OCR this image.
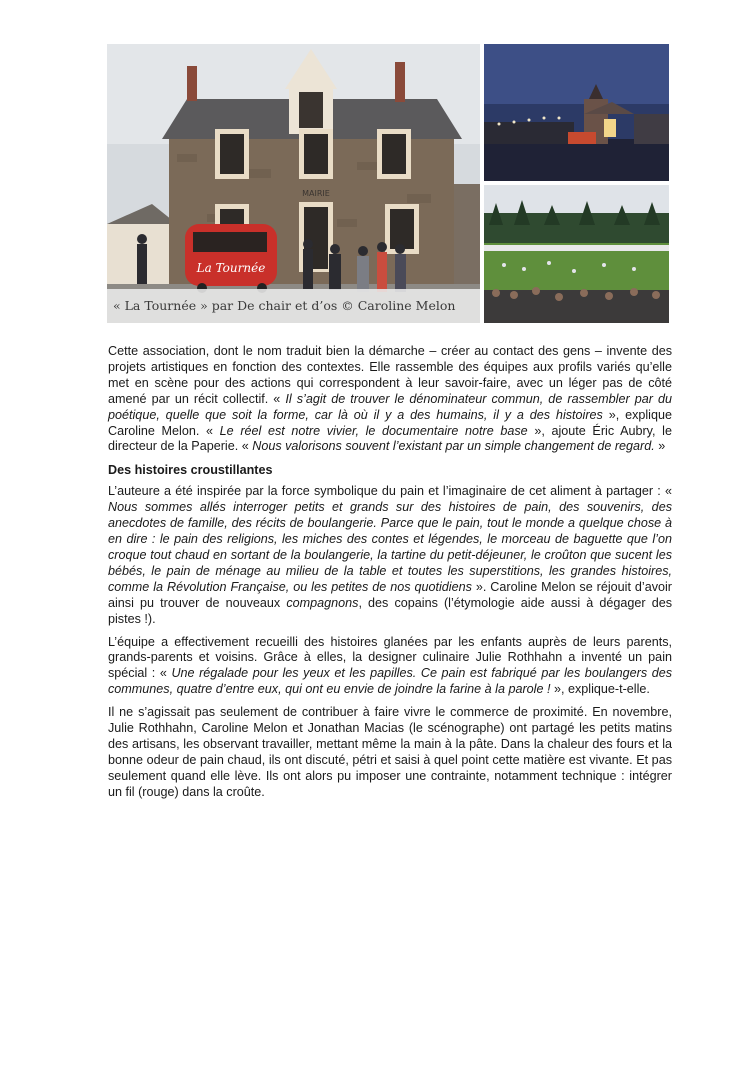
MAIRIE
La Tournée
« La Tournée » par De chair et d’os © Caroline Melon

Cette association, dont le nom traduit bien la démarche – créer au contact des gens – invente des projets artistiques en fonction des contextes. Elle rassemble des équipes aux profils variés qu’elle met en scène pour des actions qui correspondent à leur savoir-faire, avec un léger pas de côté amené par un récit collectif. « Il s’agit de trouver le dénominateur commun, de rassembler par du poétique, quelle que soit la forme, car là où il y a des humains, il y a des histoires », explique Caroline Melon. « Le réel est notre vivier, le documentaire notre base », ajoute Éric Aubry, le directeur de la Paperie. « Nous valorisons souvent l’existant par un simple changement de regard. »

Des histoires croustillantes

L’auteure a été inspirée par la force symbolique du pain et l’imaginaire de cet aliment à partager : « Nous sommes allés interroger petits et grands sur des histoires de pain, des souvenirs, des anecdotes de famille, des récits de boulangerie. Parce que le pain, tout le monde a quelque chose à en dire : le pain des religions, les miches des contes et légendes, le morceau de baguette que l’on croque tout chaud en sortant de la boulangerie, la tartine du petit-déjeuner, le croûton que sucent les bébés, le pain de ménage au milieu de la table et toutes les superstitions, les grandes histoires, comme la Révolution Française, ou les petites de nos quotidiens ». Caroline Melon se réjouit d’avoir ainsi pu trouver de nouveaux compagnons, des copains (l’étymologie aide aussi à dégager des pistes !).

L’équipe a effectivement recueilli des histoires glanées par les enfants auprès de leurs parents, grands-parents et voisins. Grâce à elles, la designer culinaire Julie Rothhahn a inventé un pain spécial : « Une régalade pour les yeux et les papilles. Ce pain est fabriqué par les boulangers des communes, quatre d’entre eux, qui ont eu envie de joindre la farine à la parole ! », explique-t-elle.

Il ne s’agissait pas seulement de contribuer à faire vivre le commerce de proximité. En novembre, Julie Rothhahn, Caroline Melon et Jonathan Macias (le scénographe) ont partagé les petits matins des artisans, les observant travailler, mettant même la main à la pâte. Dans la chaleur des fours et la bonne odeur de pain chaud, ils ont discuté, pétri et saisi à quel point cette matière est vivante. Et pas seulement quand elle lève. Ils ont alors pu imposer une contrainte, notamment technique : intégrer un fil (rouge) dans la croûte.
